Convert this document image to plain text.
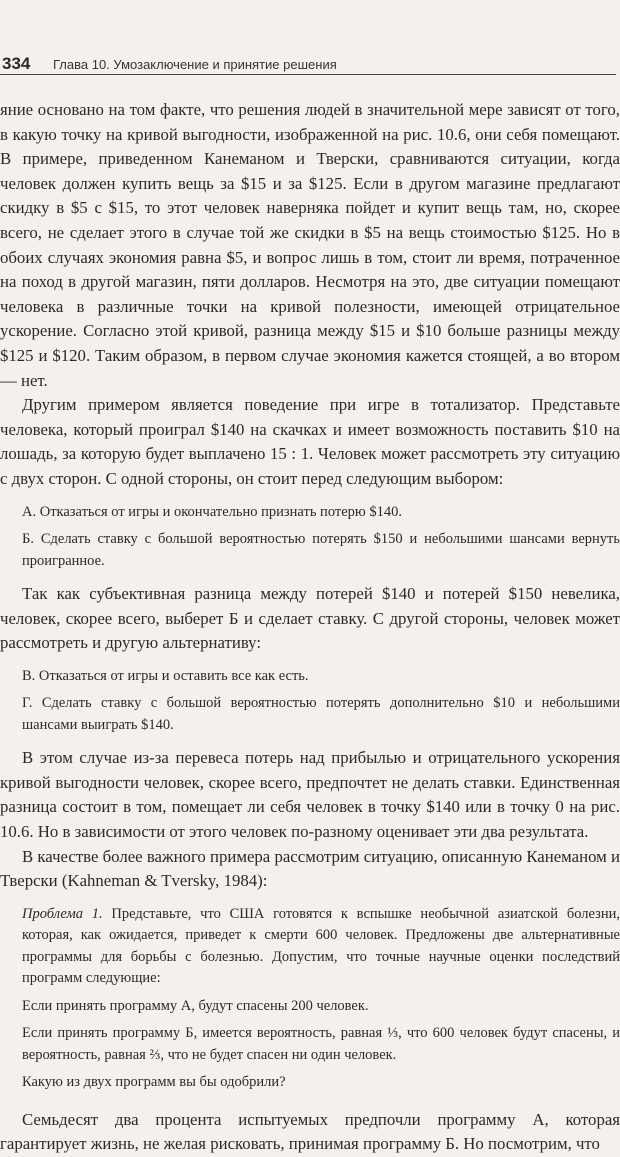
334 Глава 10. Умозаключение и принятие решения

яние основано на том факте, что решения людей в значительной мере зависят от того, в какую точку на кривой выгодности, изображенной на рис. 10.6, они себя помещают. В примере, приведенном Канеманом и Тверски, сравниваются ситуации, когда человек должен купить вещь за $15 и за $125. Если в другом магазине предлагают скидку в $5 с $15, то этот человек наверняка пойдет и купит вещь там, но, скорее всего, не сделает этого в случае той же скидки в $5 на вещь стоимостью $125. Но в обоих случаях экономия равна $5, и вопрос лишь в том, стоит ли время, потраченное на поход в другой магазин, пяти долларов. Несмотря на это, две ситуации помещают человека в различные точки на кривой полезности, имеющей отрицательное ускорение. Согласно этой кривой, разница между $15 и $10 больше разницы между $125 и $120. Таким образом, в первом случае экономия кажется стоящей, а во втором — нет.

Другим примером является поведение при игре в тотализатор. Представьте человека, который проиграл $140 на скачках и имеет возможность поставить $10 на лошадь, за которую будет выплачено 15 : 1. Человек может рассмотреть эту ситуацию с двух сторон. С одной стороны, он стоит перед следующим выбором:

А. Отказаться от игры и окончательно признать потерю $140.

Б. Сделать ставку с большой вероятностью потерять $150 и небольшими шансами вернуть проигранное.

Так как субъективная разница между потерей $140 и потерей $150 невелика, человек, скорее всего, выберет Б и сделает ставку. С другой стороны, человек может рассмотреть и другую альтернативу:

В. Отказаться от игры и оставить все как есть.

Г. Сделать ставку с большой вероятностью потерять дополнительно $10 и небольшими шансами выиграть $140.

В этом случае из-за перевеса потерь над прибылью и отрицательного ускорения кривой выгодности человек, скорее всего, предпочтет не делать ставки. Единственная разница состоит в том, помещает ли себя человек в точку $140 или в точку 0 на рис. 10.6. Но в зависимости от этого человек по-разному оценивает эти два результата.

В качестве более важного примера рассмотрим ситуацию, описанную Канеманом и Тверски (Kahneman & Tversky, 1984):

Проблема 1. Представьте, что США готовятся к вспышке необычной азиатской болезни, которая, как ожидается, приведет к смерти 600 человек. Предложены две альтернативные программы для борьбы с болезнью. Допустим, что точные научные оценки последствий программ следующие:

Если принять программу А, будут спасены 200 человек.

Если принять программу Б, имеется вероятность, равная ⅓, что 600 человек будут спасены, и вероятность, равная ⅔, что не будет спасен ни один человек.

Какую из двух программ вы бы одобрили?

Семьдесят два процента испытуемых предпочли программу А, которая гарантирует жизнь, не желая рисковать, принимая программу Б. Но посмотрим, что
